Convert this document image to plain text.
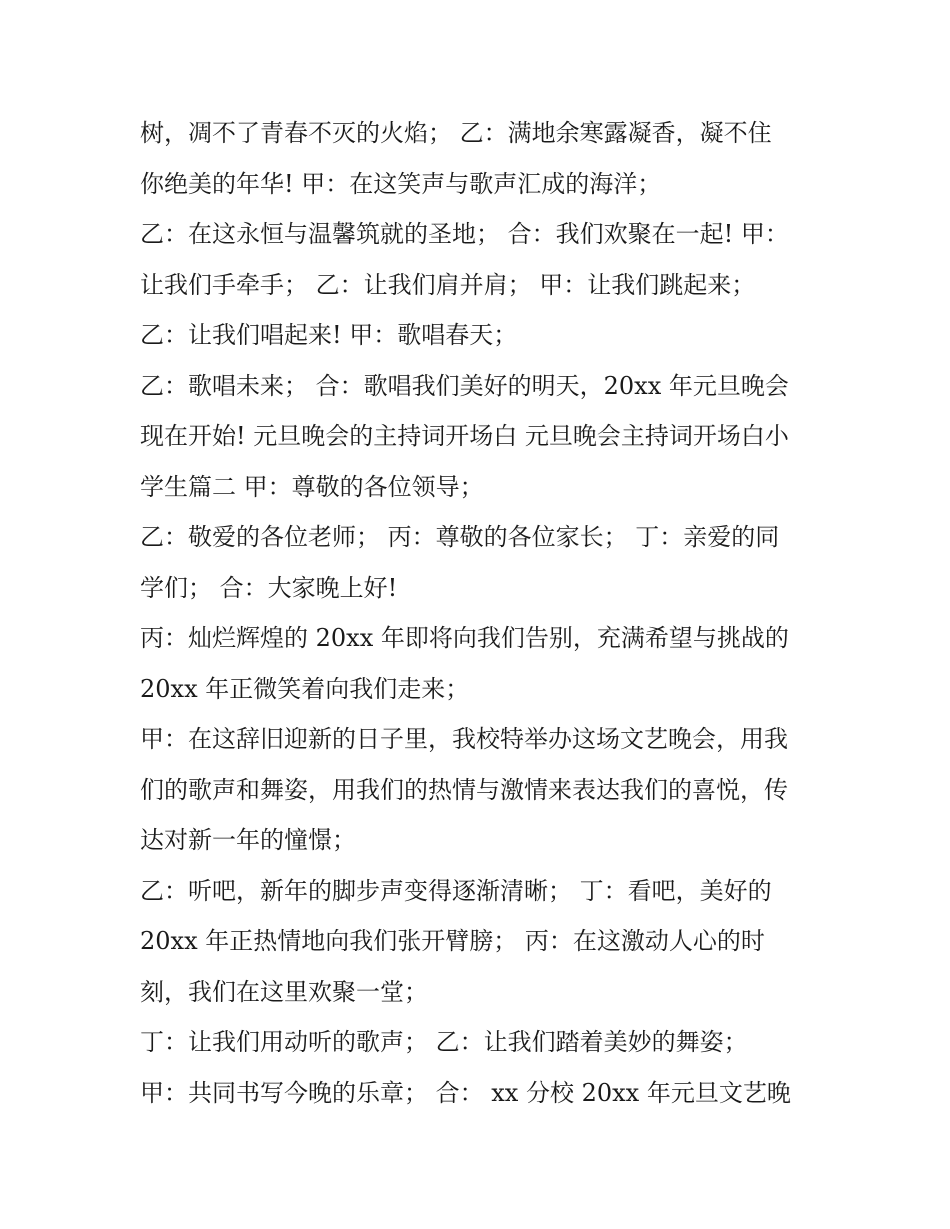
树，凋不了青春不灭的火焰； 乙：满地余寒露凝香，凝不住
你绝美的年华! 甲：在这笑声与歌声汇成的海洋；
乙：在这永恒与温馨筑就的圣地； 合：我们欢聚在一起! 甲：
让我们手牵手； 乙：让我们肩并肩； 甲：让我们跳起来；
乙：让我们唱起来! 甲：歌唱春天；
乙：歌唱未来； 合：歌唱我们美好的明天，20xx 年元旦晚会
现在开始! 元旦晚会的主持词开场白 元旦晚会主持词开场白小
学生篇二 甲：尊敬的各位领导；
乙：敬爱的各位老师； 丙：尊敬的各位家长； 丁：亲爱的同
学们； 合：大家晚上好!
丙：灿烂辉煌的 20xx 年即将向我们告别，充满希望与挑战的
20xx 年正微笑着向我们走来；
甲：在这辞旧迎新的日子里，我校特举办这场文艺晚会，用我
们的歌声和舞姿，用我们的热情与激情来表达我们的喜悦，传
达对新一年的憧憬；
乙：听吧，新年的脚步声变得逐渐清晰； 丁：看吧，美好的
20xx 年正热情地向我们张开臂膀； 丙：在这激动人心的时
刻，我们在这里欢聚一堂；
丁：让我们用动听的歌声； 乙：让我们踏着美妙的舞姿；
甲：共同书写今晚的乐章； 合： xx 分校 20xx 年元旦文艺晚
